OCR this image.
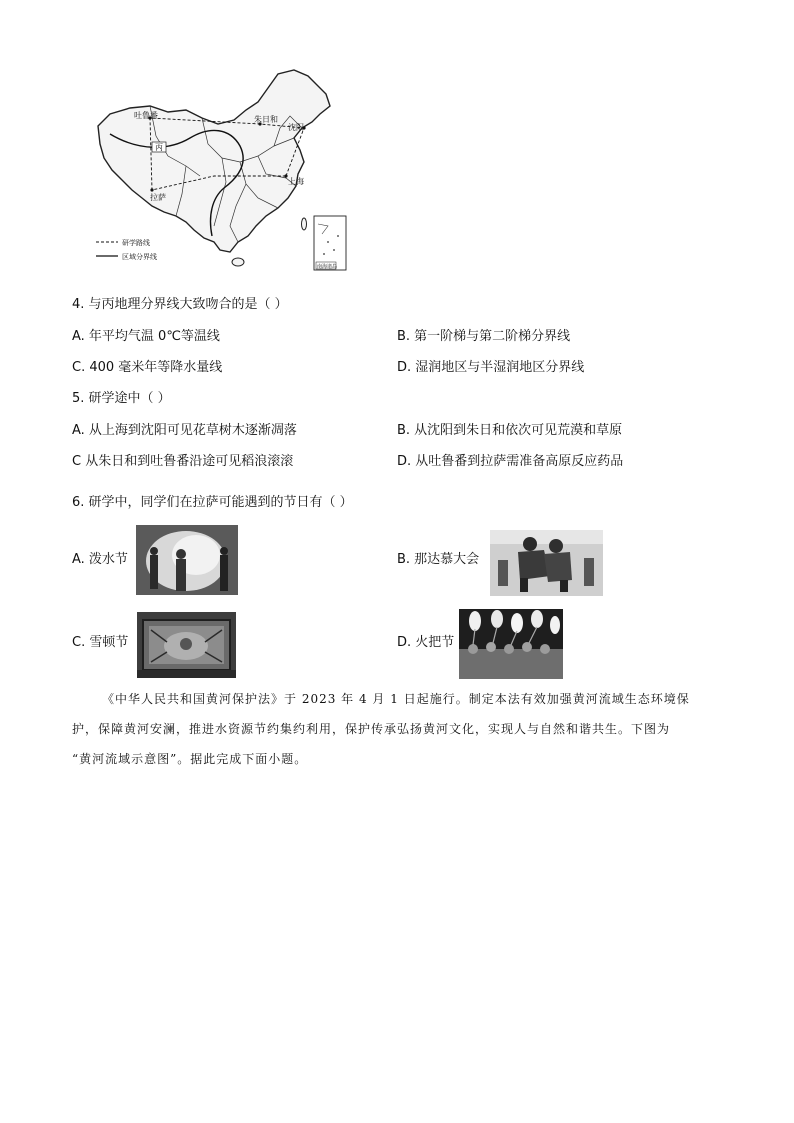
丙
吐鲁番	朱日和
沈阳
拉萨
上海
南海诸岛
研学路线
区域分界线
4. 与丙地理分界线大致吻合的是（ ）
A. 年平均气温 0℃等温线	B. 第一阶梯与第二阶梯分界线
C. 400 毫米年等降水量线	D. 湿润地区与半湿润地区分界线
5. 研学途中（ ）
A. 从上海到沈阳可见花草树木逐渐凋落	B. 从沈阳到朱日和依次可见荒漠和草原
C 从朱日和到吐鲁番沿途可见稻浪滚滚	D. 从吐鲁番到拉萨需准备高原反应药品
6. 研学中，同学们在拉萨可能遇到的节日有（ ）
A. 泼水节	B. 那达慕大会
C. 雪顿节	D. 火把节
《中华人民共和国黄河保护法》于 2023 年 4 月 1 日起施行。制定本法有效加强黄河流域生态环境保
护，保障黄河安澜，推进水资源节约集约利用，保护传承弘扬黄河文化，实现人与自然和谐共生。下图为
“黄河流域示意图”。据此完成下面小题。
